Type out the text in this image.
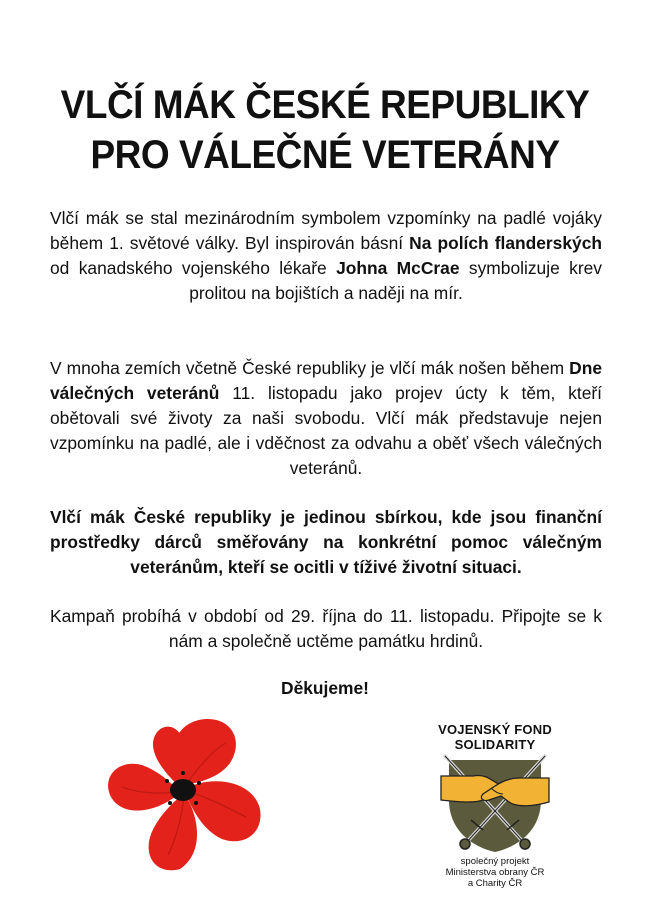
VLČÍ MÁK ČESKÉ REPUBLIKY
PRO VÁLEČNÉ VETERÁNY
Vlčí mák se stal mezinárodním symbolem vzpomínky na padlé vojáky během 1. světové války. Byl inspirován básní Na polích flanderských od kanadského vojenského lékaře Johna McCrae symbolizuje krev prolitou na bojištích a naději na mír.
V mnoha zemích včetně České republiky je vlčí mák nošen během Dne válečných veteránů 11. listopadu jako projev úcty k těm, kteří obětovali své životy za naši svobodu. Vlčí mák představuje nejen vzpomínku na padlé, ale i vděčnost za odvahu a oběť všech válečných veteránů.
Vlčí mák České republiky je jedinou sbírkou, kde jsou finanční prostředky dárců směřovány na konkrétní pomoc válečným veteránům, kteří se ocitli v tíživé životní situaci.
Kampaň probíhá v období od 29. října do 11. listopadu. Připojte se k nám a společně uctěme památku hrdinů.
Děkujeme!
VOJENSKÝ FOND
SOLIDARITY
společný projekt
Ministerstva obrany ČR
a Charity ČR
